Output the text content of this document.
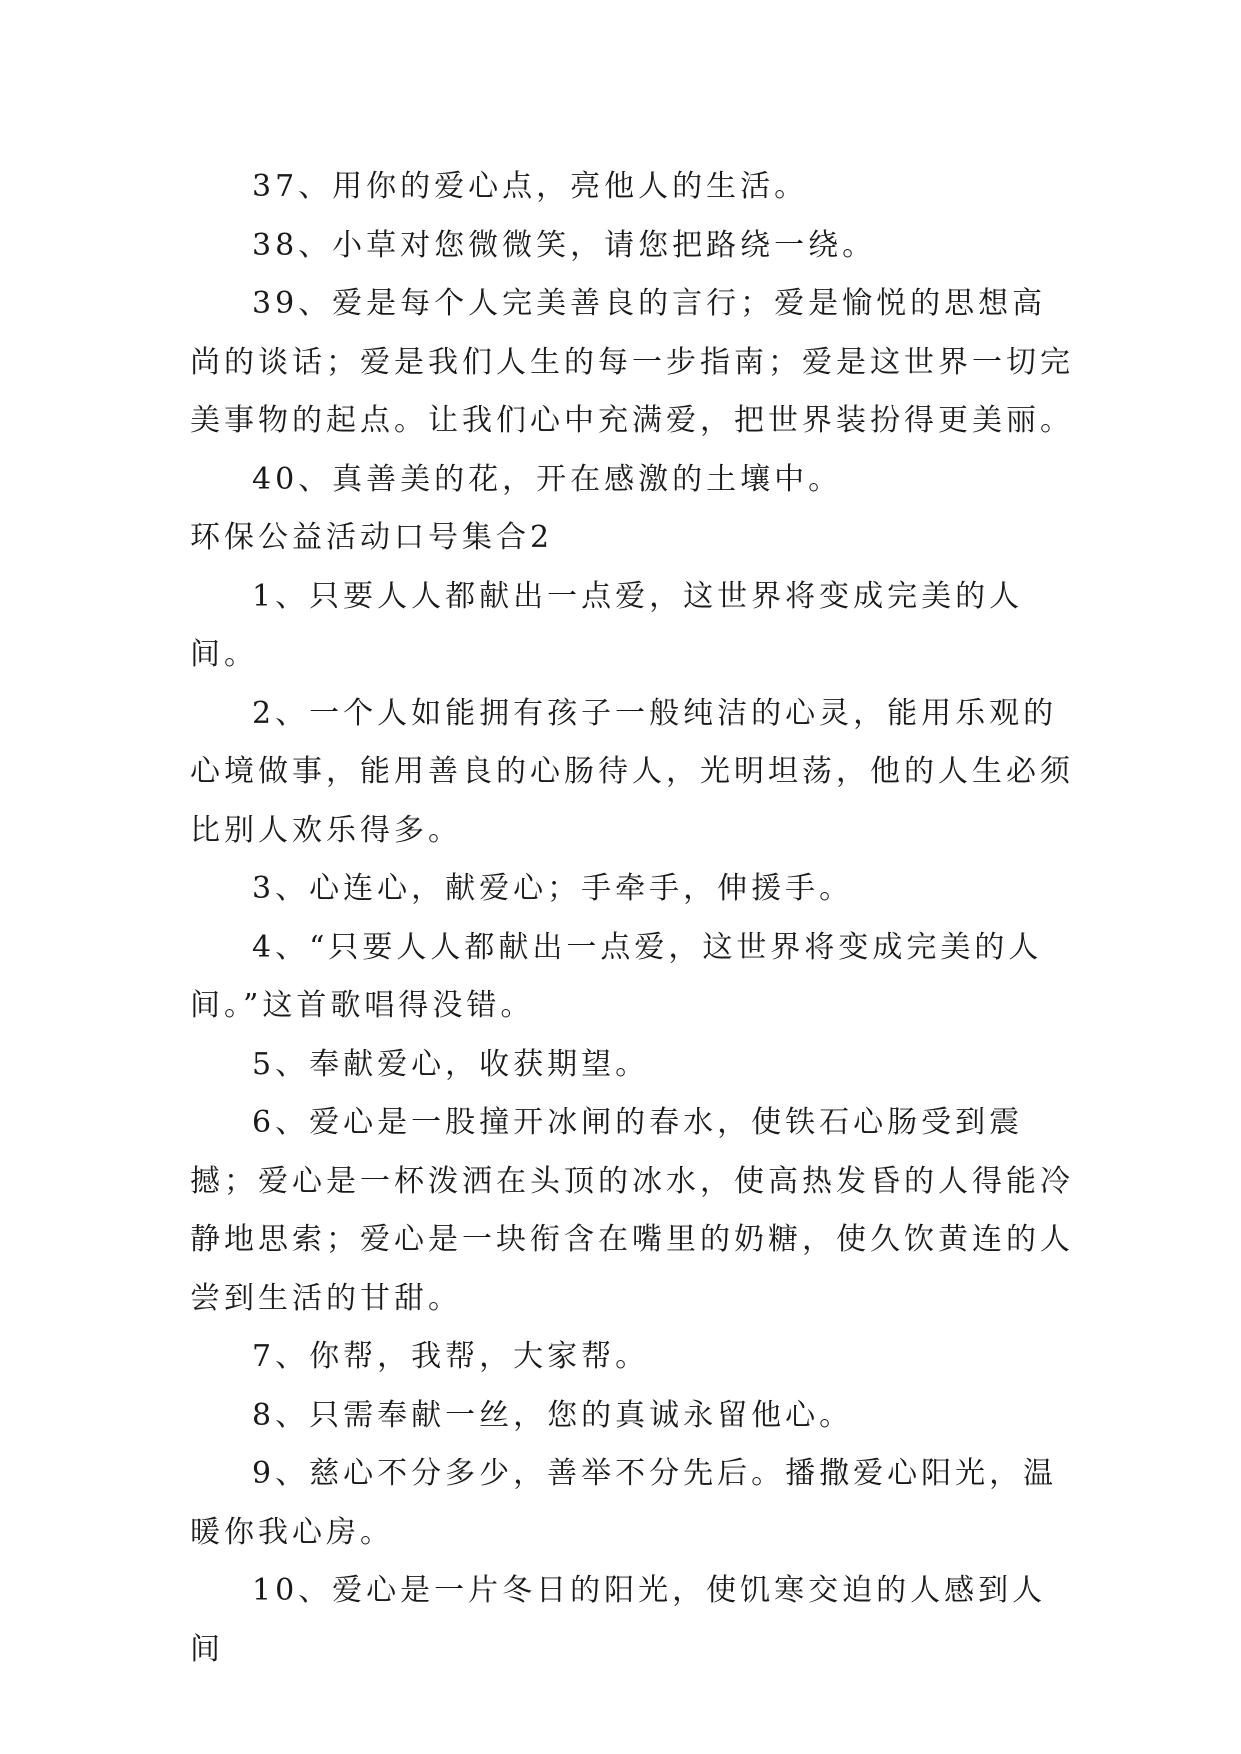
37、用你的爱心点，亮他人的生活。

38、小草对您微微笑，请您把路绕一绕。

39、爱是每个人完美善良的言行；爱是愉悦的思想高尚的谈话；爱是我们人生的每一步指南；爱是这世界一切完美事物的起点。让我们心中充满爱，把世界装扮得更美丽。

40、真善美的花，开在感激的土壤中。

环保公益活动口号集合2

1、只要人人都献出一点爱，这世界将变成完美的人间。

2、一个人如能拥有孩子一般纯洁的心灵，能用乐观的心境做事，能用善良的心肠待人，光明坦荡，他的人生必须比别人欢乐得多。

3、心连心，献爱心；手牵手，伸援手。

4、“只要人人都献出一点爱，这世界将变成完美的人间。”这首歌唱得没错。

5、奉献爱心，收获期望。

6、爱心是一股撞开冰闸的春水，使铁石心肠受到震撼；爱心是一杯泼洒在头顶的冰水，使高热发昏的人得能冷静地思索；爱心是一块衔含在嘴里的奶糖，使久饮黄连的人尝到生活的甘甜。

7、你帮，我帮，大家帮。

8、只需奉献一丝，您的真诚永留他心。

9、慈心不分多少，善举不分先后。播撒爱心阳光，温暖你我心房。

10、爱心是一片冬日的阳光，使饥寒交迫的人感到人间
